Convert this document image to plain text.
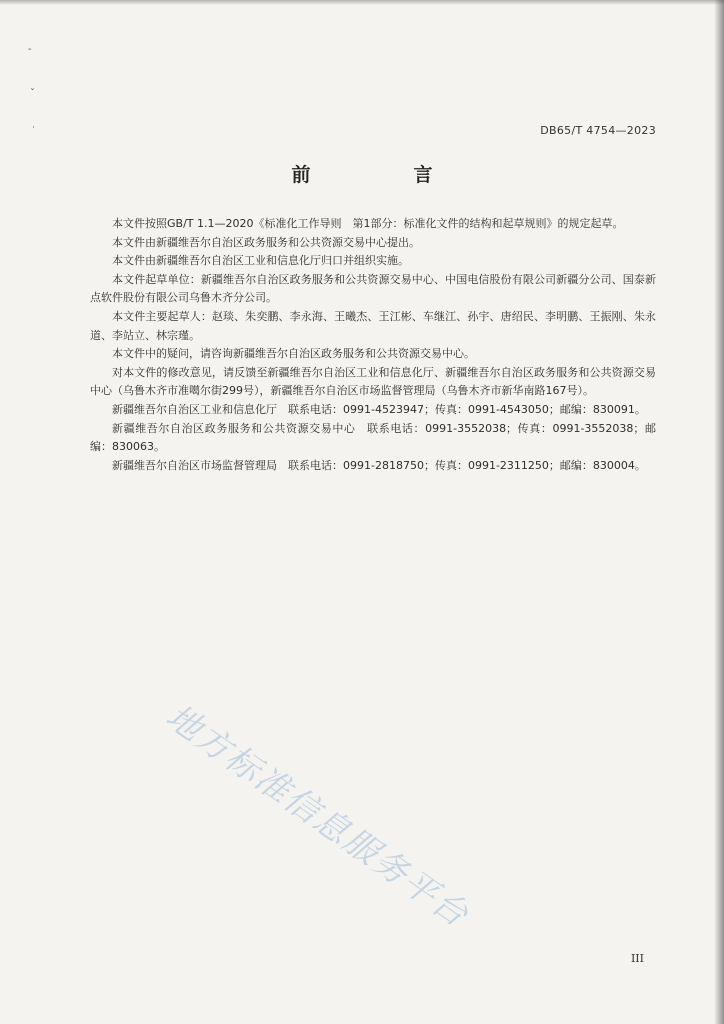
-
ˇ
˙	DB65/T 4754—2023
前　言

本文件按照GB/T 1.1—2020《标准化工作导则　第1部分：标准化文件的结构和起草规则》的规定起草。

本文件由新疆维吾尔自治区政务服务和公共资源交易中心提出。

本文件由新疆维吾尔自治区工业和信息化厅归口并组织实施。

本文件起草单位：新疆维吾尔自治区政务服务和公共资源交易中心、中国电信股份有限公司新疆分公司、国泰新点软件股份有限公司乌鲁木齐分公司。

本文件主要起草人：赵琰、朱奕鹏、李永海、王曦杰、王江彬、车继江、孙宇、唐绍民、李明鹏、王振刚、朱永道、李站立、林宗瑾。

本文件中的疑问，请咨询新疆维吾尔自治区政务服务和公共资源交易中心。

对本文件的修改意见，请反馈至新疆维吾尔自治区工业和信息化厅、新疆维吾尔自治区政务服务和公共资源交易中心（乌鲁木齐市准噶尔街299号），新疆维吾尔自治区市场监督管理局（乌鲁木齐市新华南路167号）。

新疆维吾尔自治区工业和信息化厅　联系电话：0991-4523947；传真：0991-4543050；邮编：830091。

新疆维吾尔自治区政务服务和公共资源交易中心　联系电话：0991-3552038；传真：0991-3552038；邮编：830063。

新疆维吾尔自治区市场监督管理局　联系电话：0991-2818750；传真：0991-2311250；邮编：830004。

地方标准信息服务平台
III
